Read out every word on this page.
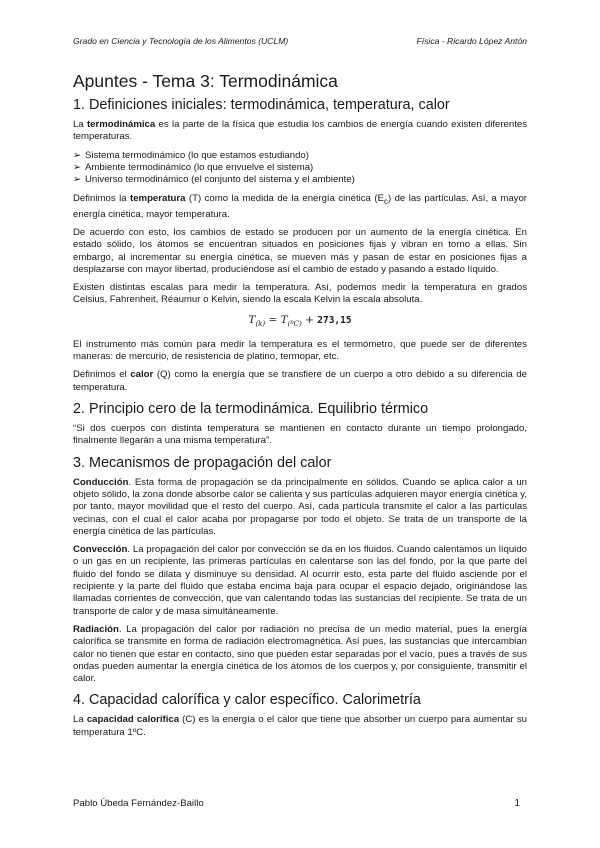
Grado en Ciencia y Tecnología de los Alimentos (UCLM)	Física - Ricardo López Antón
Apuntes - Tema 3: Termodinámica
1. Definiciones iniciales: termodinámica, temperatura, calor

La termodinámica es la parte de la física que estudia los cambios de energía cuando existen diferentes temperaturas.

➢ Sistema termodinámico (lo que estamos estudiando)
➢ Ambiente termodinámico (lo que envuelve el sistema)
➢ Universo termodinámico (el conjunto del sistema y el ambiente)

Definimos la temperatura (T) como la medida de la energía cinética $(E_c)$ de las partículas. Así, a mayor energía cinética, mayor temperatura.

De acuerdo con esto, los cambios de estado se producen por un aumento de la energía cinética. En estado sólido, los átomos se encuentran situados en posiciones fijas y vibran en torno a ellas. Sin embargo, al incrementar su energía cinética, se mueven más y pasan de estar en posiciones fijas a desplazarse con mayor libertad, produciéndose así el cambio de estado y pasando a estado líquido.

Existen distintas escalas para medir la temperatura. Así, podemos medir la temperatura en grados Celsius, Fahrenheit, Réaumur o Kelvin, siendo la escala Kelvin la escala absoluta.

$T_{(k)} = T_{(ºC)} + 273,15$

El instrumento más común para medir la temperatura es el termómetro, que puede ser de diferentes maneras: de mercurio, de resistencia de platino, termopar, etc.

Definimos el calor (Q) como la energía que se transfiere de un cuerpo a otro debido a su diferencia de temperatura.

2. Principio cero de la termodinámica. Equilibrio térmico

“Si dos cuerpos con distinta temperatura se mantienen en contacto durante un tiempo prolongado, finalmente llegarán a una misma temperatura”.

3. Mecanismos de propagación del calor

Conducción. Esta forma de propagación se da principalmente en sólidos. Cuando se aplica calor a un objeto sólido, la zona donde absorbe calor se calienta y sus partículas adquieren mayor energía cinética y, por tanto, mayor movilidad que el resto del cuerpo. Así, cada partícula transmite el calor a las partículas vecinas, con el cual el calor acaba por propagarse por todo el objeto. Se trata de un transporte de la energía cinética de las partículas.

Convección. La propagación del calor por convección se da en los fluidos. Cuando calentamos un líquido o un gas en un recipiente, las primeras partículas en calentarse son las del fondo, por la que parte del fluido del fondo se dilata y disminuye su densidad. Al ocurrir esto, esta parte del fluido asciende por el recipiente y la parte del fluido que estaba encima baja para ocupar el espacio dejado, originándose las llamadas corrientes de convección, que van calentando todas las sustancias del recipiente. Se trata de un transporte de calor y de masa simultáneamente.

Radiación. La propagación del calor por radiación no precisa de un medio material, pues la energía calorífica se transmite en forma de radiación electromagnética. Así pues, las sustancias que intercambian calor no tienen que estar en contacto, sino que pueden estar separadas por el vacío, pues a través de sus ondas pueden aumentar la energía cinética de los átomos de los cuerpos y, por consiguiente, transmitir el calor.

4. Capacidad calorífica y calor específico. Calorimetría

La capacidad calorífica (C) es la energía o el calor que tiene que absorber un cuerpo para aumentar su temperatura 1ºC.

Pablo Úbeda Fernández-Baillo	1
